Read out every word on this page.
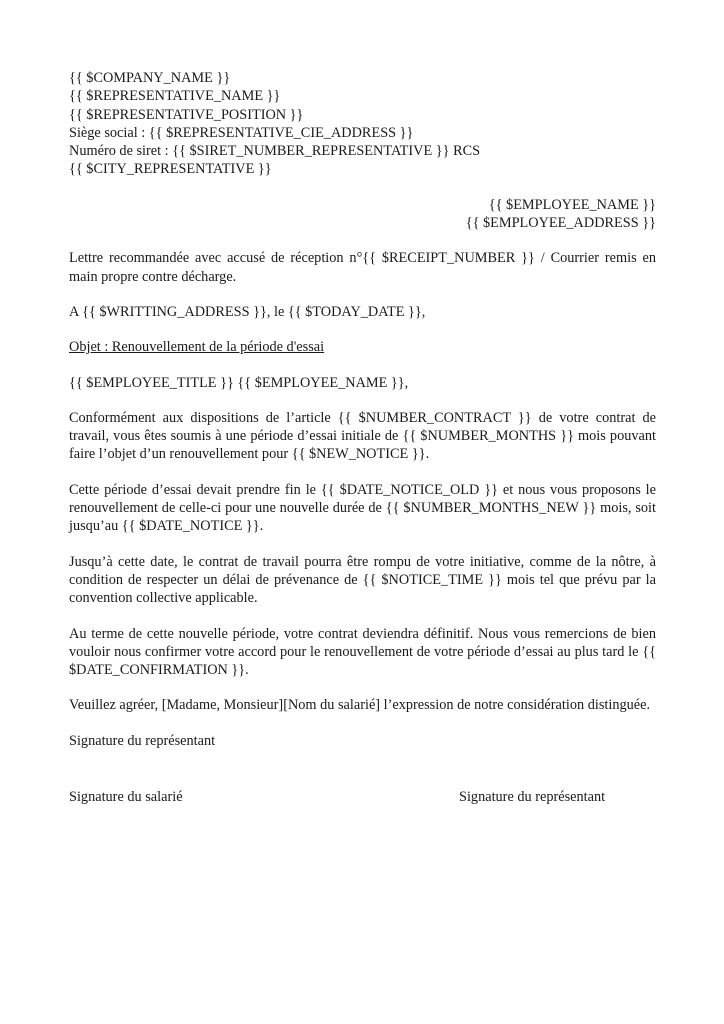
{{ $COMPANY_NAME }}
{{ $REPRESENTATIVE_NAME }}
{{ $REPRESENTATIVE_POSITION }}
Siège social : {{ $REPRESENTATIVE_CIE_ADDRESS }}
Numéro de siret : {{ $SIRET_NUMBER_REPRESENTATIVE }} RCS
{{ $CITY_REPRESENTATIVE }}
{{ $EMPLOYEE_NAME }}
{{ $EMPLOYEE_ADDRESS }}

Lettre recommandée avec accusé de réception n°{{ $RECEIPT_NUMBER }} / Courrier remis en main propre contre décharge.

A {{ $WRITTING_ADDRESS }}, le {{ $TODAY_DATE }},
Objet : Renouvellement de la période d'essai
{{ $EMPLOYEE_TITLE }} {{ $EMPLOYEE_NAME }},

Conformément aux dispositions de l’article {{ $NUMBER_CONTRACT }} de votre contrat de travail, vous êtes soumis à une période d’essai initiale de {{ $NUMBER_MONTHS }} mois pouvant faire l’objet d’un renouvellement pour {{ $NEW_NOTICE }}.

Cette période d’essai devait prendre fin le {{ $DATE_NOTICE_OLD }} et nous vous proposons le renouvellement de celle-ci pour une nouvelle durée de {{ $NUMBER_MONTHS_NEW }} mois, soit jusqu’au {{ $DATE_NOTICE }}.

Jusqu’à cette date, le contrat de travail pourra être rompu de votre initiative, comme de la nôtre, à condition de respecter un délai de prévenance de {{ $NOTICE_TIME }} mois tel que prévu par la convention collective applicable.

Au terme de cette nouvelle période, votre contrat deviendra définitif. Nous vous remercions de bien vouloir nous confirmer votre accord pour le renouvellement de votre période d’essai au plus tard le {{ $DATE_CONFIRMATION }}.

Veuillez agréer, [Madame, Monsieur][Nom du salarié] l’expression de notre considération distinguée.

Signature du représentant
Signature du salarié	Signature du représentant
